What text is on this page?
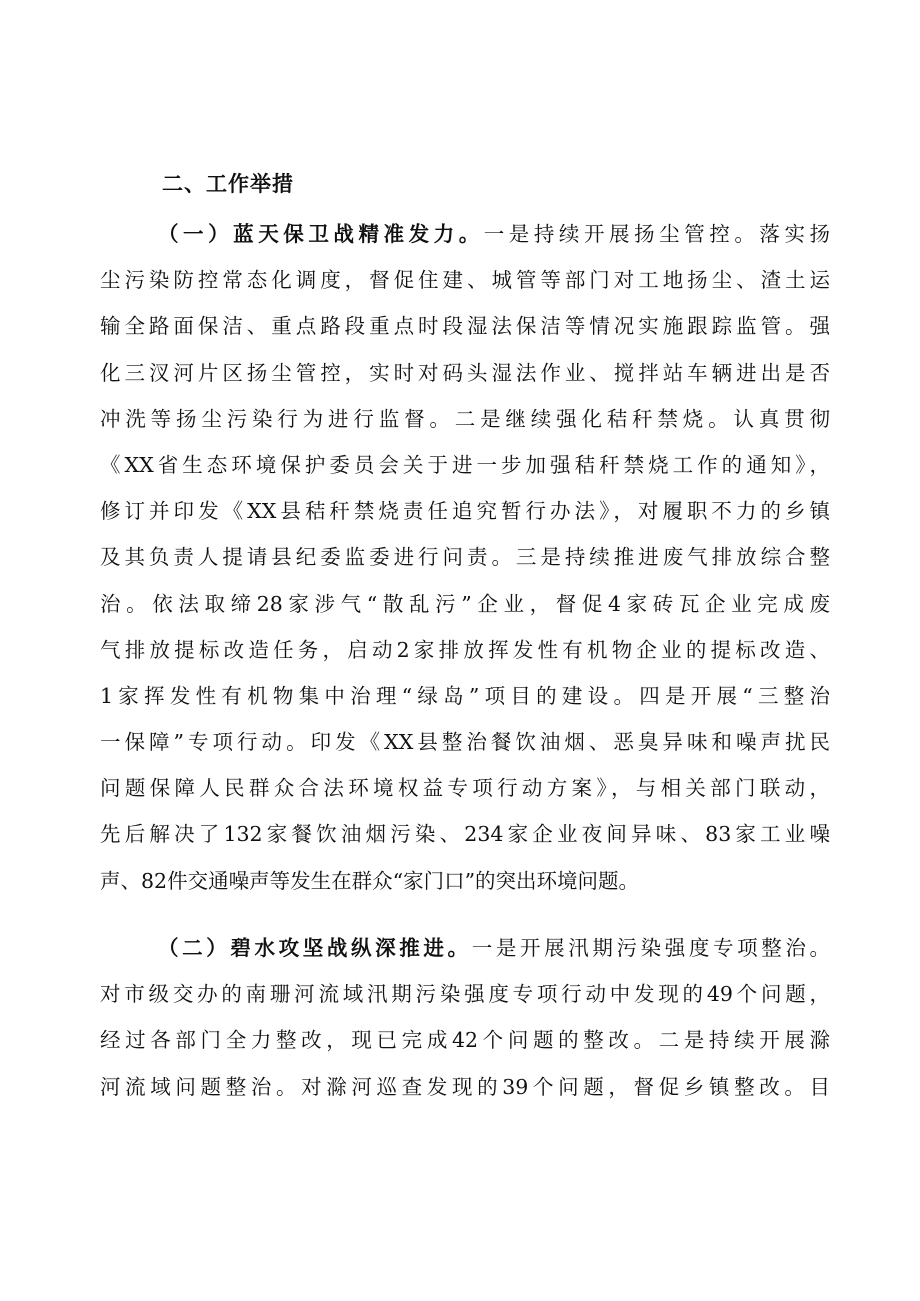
二、工作举措
（一）蓝天保卫战精准发力。一是持续开展扬尘管控。落实扬
尘污染防控常态化调度，督促住建、城管等部门对工地扬尘、渣土运
输全路面保洁、重点路段重点时段湿法保洁等情况实施跟踪监管。强
化三汊河片区扬尘管控，实时对码头湿法作业、搅拌站车辆进出是否
冲洗等扬尘污染行为进行监督。二是继续强化秸秆禁烧。认真贯彻
《XX省生态环境保护委员会关于进一步加强秸秆禁烧工作的通知》，
修订并印发《XX县秸秆禁烧责任追究暂行办法》，对履职不力的乡镇
及其负责人提请县纪委监委进行问责。三是持续推进废气排放综合整
治。依法取缔28家涉气“散乱污”企业，督促4家砖瓦企业完成废
气排放提标改造任务，启动2家排放挥发性有机物企业的提标改造、
1家挥发性有机物集中治理“绿岛”项目的建设。四是开展“三整治
一保障”专项行动。印发《XX县整治餐饮油烟、恶臭异味和噪声扰民
问题保障人民群众合法环境权益专项行动方案》，与相关部门联动，
先后解决了132家餐饮油烟污染、234家企业夜间异味、83家工业噪
声、82件交通噪声等发生在群众“家门口”的突出环境问题。
（二）碧水攻坚战纵深推进。一是开展汛期污染强度专项整治。
对市级交办的南珊河流域汛期污染强度专项行动中发现的49个问题，
经过各部门全力整改，现已完成42个问题的整改。二是持续开展滁
河流域问题整治。对滁河巡查发现的39个问题，督促乡镇整改。目
